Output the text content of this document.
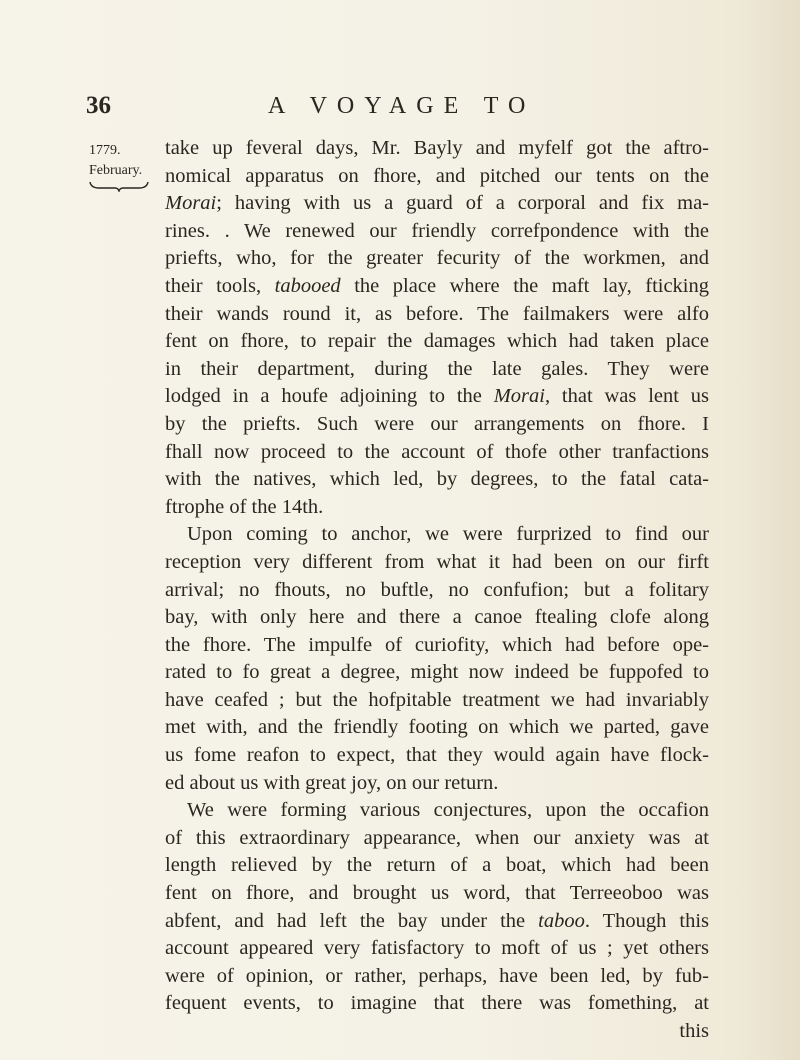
36	A VOYAGE TO
1779.
February.
take up feveral days, Mr. Bayly and myfelf got the aftro-
nomical apparatus on fhore, and pitched our tents on the
Morai; having with us a guard of a corporal and fix ma-
rines. . We renewed our friendly correfpondence with the
priefts, who, for the greater fecurity of the workmen, and
their tools, tabooed the place where the maft lay, fticking
their wands round it, as before. The failmakers were alfo
fent on fhore, to repair the damages which had taken place
in their department, during the late gales. They were
lodged in a houfe adjoining to the Morai, that was lent us
by the priefts. Such were our arrangements on fhore. I
fhall now proceed to the account of thofe other tranfactions
with the natives, which led, by degrees, to the fatal cata-
ftrophe of the 14th.
Upon coming to anchor, we were furprized to find our
reception very different from what it had been on our firft
arrival; no fhouts, no buftle, no confufion; but a folitary
bay, with only here and there a canoe ftealing clofe along
the fhore. The impulfe of curiofity, which had before ope-
rated to fo great a degree, might now indeed be fuppofed to
have ceafed ; but the hofpitable treatment we had invariably
met with, and the friendly footing on which we parted, gave
us fome reafon to expect, that they would again have flock-
ed about us with great joy, on our return.
We were forming various conjectures, upon the occafion
of this extraordinary appearance, when our anxiety was at
length relieved by the return of a boat, which had been
fent on fhore, and brought us word, that Terreeoboo was
abfent, and had left the bay under the taboo. Though this
account appeared very fatisfactory to moft of us ; yet others
were of opinion, or rather, perhaps, have been led, by fub-
fequent events, to imagine that there was fomething, at
this
